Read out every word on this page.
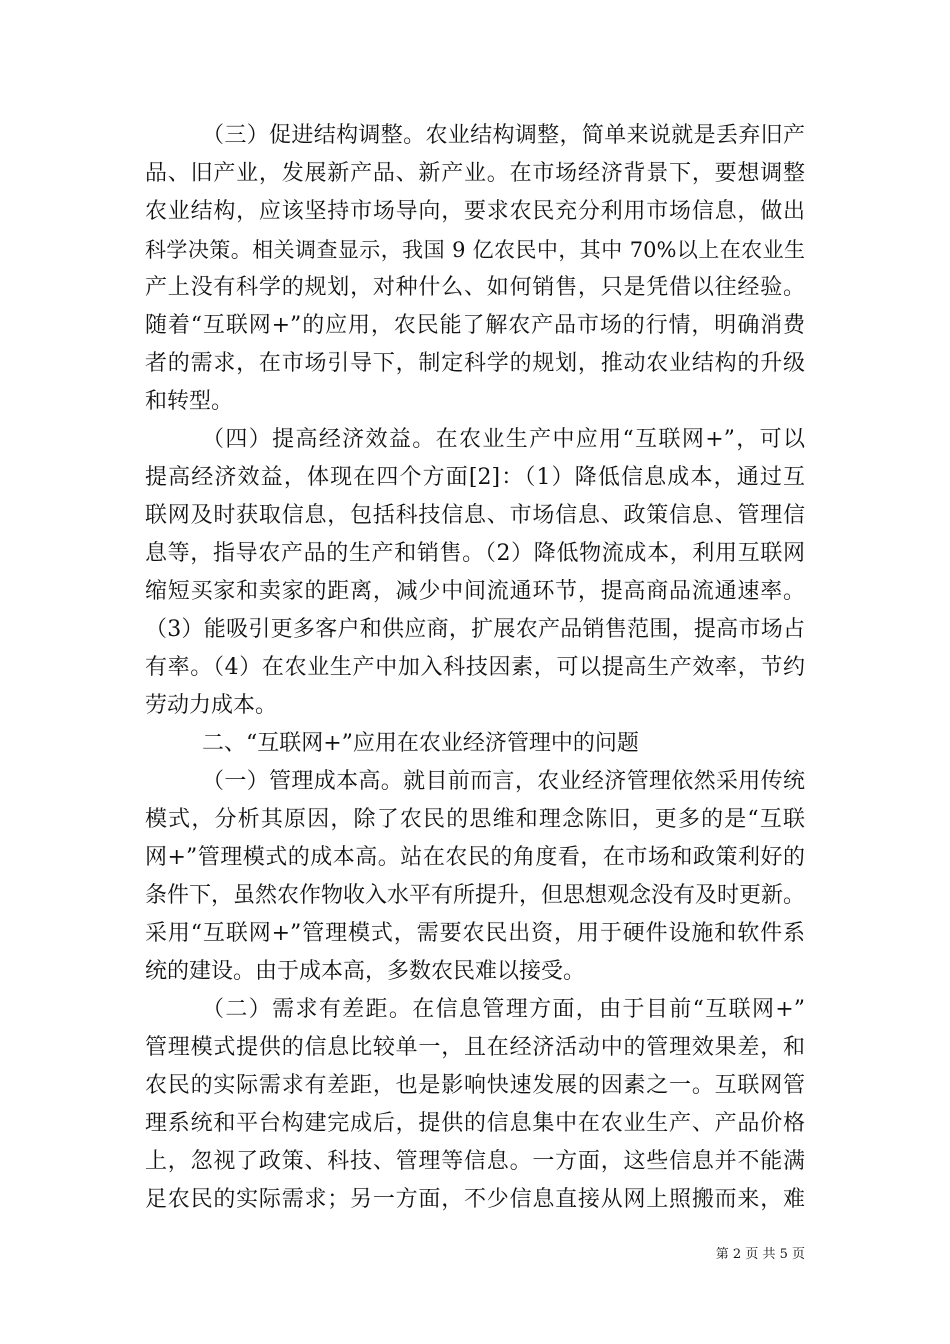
（三）促进结构调整。农业结构调整，简单来说就是丢弃旧产
品、旧产业，发展新产品、新产业。在市场经济背景下，要想调整
农业结构，应该坚持市场导向，要求农民充分利用市场信息，做出
科学决策。相关调查显示，我国 9 亿农民中，其中 70%以上在农业生
产上没有科学的规划，对种什么、如何销售，只是凭借以往经验。
随着“互联网+”的应用，农民能了解农产品市场的行情，明确消费
者的需求，在市场引导下，制定科学的规划，推动农业结构的升级
和转型。
（四）提高经济效益。在农业生产中应用“互联网+”，可以
提高经济效益，体现在四个方面[2]：（1）降低信息成本，通过互
联网及时获取信息，包括科技信息、市场信息、政策信息、管理信
息等，指导农产品的生产和销售。（2）降低物流成本，利用互联网
缩短买家和卖家的距离，减少中间流通环节，提高商品流通速率。
（3）能吸引更多客户和供应商，扩展农产品销售范围，提高市场占
有率。（4）在农业生产中加入科技因素，可以提高生产效率，节约
劳动力成本。
二、“互联网+”应用在农业经济管理中的问题
（一）管理成本高。就目前而言，农业经济管理依然采用传统
模式，分析其原因，除了农民的思维和理念陈旧，更多的是“互联
网+”管理模式的成本高。站在农民的角度看，在市场和政策利好的
条件下，虽然农作物收入水平有所提升，但思想观念没有及时更新。
采用“互联网+”管理模式，需要农民出资，用于硬件设施和软件系
统的建设。由于成本高，多数农民难以接受。
（二）需求有差距。在信息管理方面，由于目前“互联网+”
管理模式提供的信息比较单一，且在经济活动中的管理效果差，和
农民的实际需求有差距，也是影响快速发展的因素之一。互联网管
理系统和平台构建完成后，提供的信息集中在农业生产、产品价格
上，忽视了政策、科技、管理等信息。一方面，这些信息并不能满
足农民的实际需求；另一方面，不少信息直接从网上照搬而来，难
第 2 页 共 5 页
